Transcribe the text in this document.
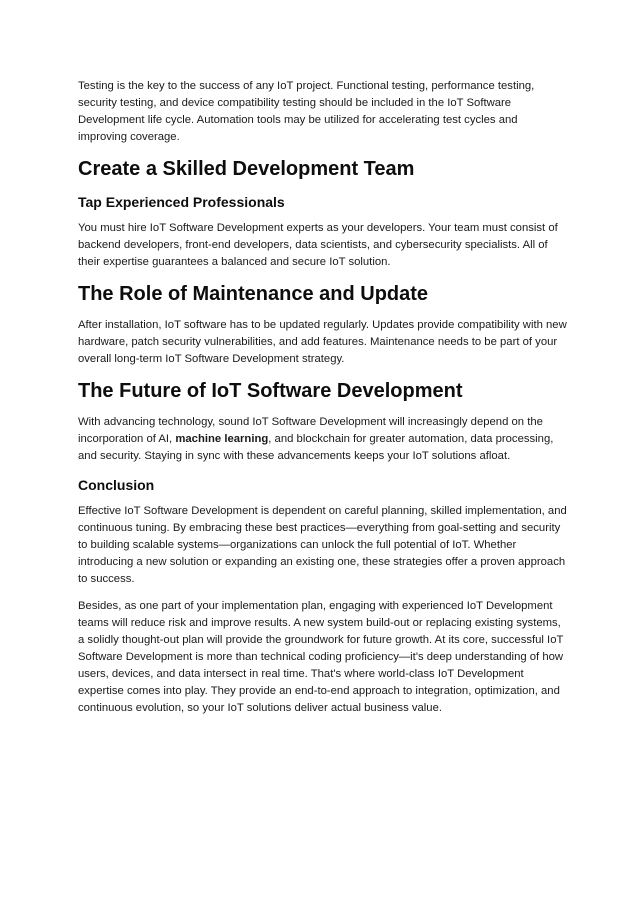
Testing is the key to the success of any IoT project. Functional testing, performance testing, security testing, and device compatibility testing should be included in the IoT Software Development life cycle. Automation tools may be utilized for accelerating test cycles and improving coverage.

Create a Skilled Development Team
Tap Experienced Professionals

You must hire IoT Software Development experts as your developers. Your team must consist of backend developers, front-end developers, data scientists, and cybersecurity specialists. All of their expertise guarantees a balanced and secure IoT solution.

The Role of Maintenance and Update

After installation, IoT software has to be updated regularly. Updates provide compatibility with new hardware, patch security vulnerabilities, and add features. Maintenance needs to be part of your overall long-term IoT Software Development strategy.

The Future of IoT Software Development

With advancing technology, sound IoT Software Development will increasingly depend on the incorporation of AI, machine learning, and blockchain for greater automation, data processing, and security. Staying in sync with these advancements keeps your IoT solutions afloat.

Conclusion

Effective IoT Software Development is dependent on careful planning, skilled implementation, and continuous tuning. By embracing these best practices—everything from goal-setting and security to building scalable systems—organizations can unlock the full potential of IoT. Whether introducing a new solution or expanding an existing one, these strategies offer a proven approach to success.

Besides, as one part of your implementation plan, engaging with experienced IoT Development teams will reduce risk and improve results. A new system build-out or replacing existing systems, a solidly thought-out plan will provide the groundwork for future growth. At its core, successful IoT Software Development is more than technical coding proficiency—it's deep understanding of how users, devices, and data intersect in real time. That's where world-class IoT Development expertise comes into play. They provide an end-to-end approach to integration, optimization, and continuous evolution, so your IoT solutions deliver actual business value.
